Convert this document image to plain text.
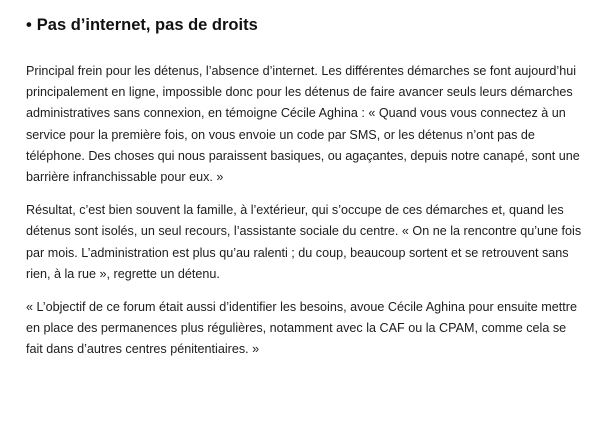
• Pas d’internet, pas de droits

Principal frein pour les détenus, l’absence d’internet. Les différentes démarches se font aujourd’hui principalement en ligne, impossible donc pour les détenus de faire avancer seuls leurs démarches administratives sans connexion, en témoigne Cécile Aghina : « Quand vous vous connectez à un service pour la première fois, on vous envoie un code par SMS, or les détenus n’ont pas de téléphone. Des choses qui nous paraissent basiques, ou agaçantes, depuis notre canapé, sont une barrière infranchissable pour eux. »

Résultat, c’est bien souvent la famille, à l’extérieur, qui s’occupe de ces démarches et, quand les détenus sont isolés, un seul recours, l’assistante sociale du centre. « On ne la rencontre qu’une fois par mois. L’administration est plus qu’au ralenti ; du coup, beaucoup sortent et se retrouvent sans rien, à la rue », regrette un détenu.

« L’objectif de ce forum était aussi d’identifier les besoins, avoue Cécile Aghina pour ensuite mettre en place des permanences plus régulières, notamment avec la CAF ou la CPAM, comme cela se fait dans d’autres centres pénitentiaires. »
